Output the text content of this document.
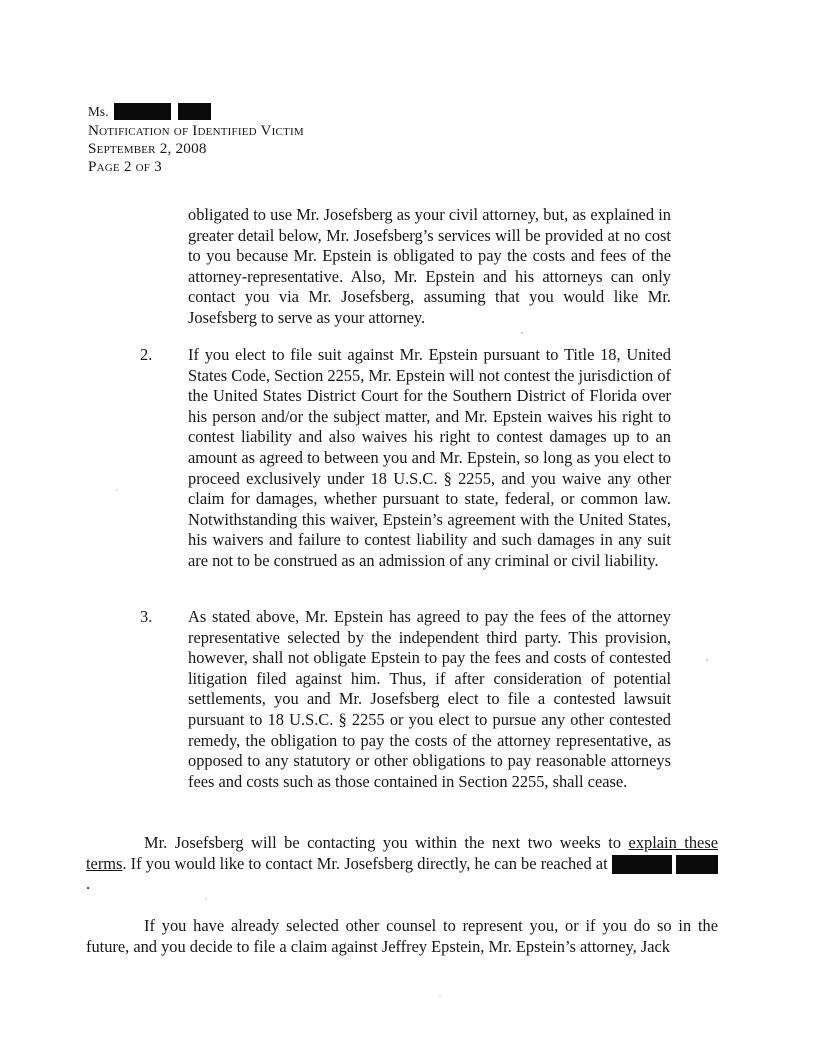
Ms.
Notification of Identified Victim
September 2, 2008
Page 2 of 3
obligated to use Mr. Josefsberg as your civil attorney, but, as explained in greater detail below, Mr. Josefsberg’s services will be provided at no cost to you because Mr. Epstein is obligated to pay the costs and fees of the attorney-representative. Also, Mr. Epstein and his attorneys can only contact you via Mr. Josefsberg, assuming that you would like Mr. Josefsberg to serve as your attorney.
2. If you elect to file suit against Mr. Epstein pursuant to Title 18, United States Code, Section 2255, Mr. Epstein will not contest the jurisdiction of the United States District Court for the Southern District of Florida over his person and/or the subject matter, and Mr. Epstein waives his right to contest liability and also waives his right to contest damages up to an amount as agreed to between you and Mr. Epstein, so long as you elect to proceed exclusively under 18 U.S.C. § 2255, and you waive any other claim for damages, whether pursuant to state, federal, or common law. Notwithstanding this waiver, Epstein’s agreement with the United States, his waivers and failure to contest liability and such damages in any suit are not to be construed as an admission of any criminal or civil liability.
3. As stated above, Mr. Epstein has agreed to pay the fees of the attorney representative selected by the independent third party. This provision, however, shall not obligate Epstein to pay the fees and costs of contested litigation filed against him. Thus, if after consideration of potential settlements, you and Mr. Josefsberg elect to file a contested lawsuit pursuant to 18 U.S.C. § 2255 or you elect to pursue any other contested remedy, the obligation to pay the costs of the attorney representative, as opposed to any statutory or other obligations to pay reasonable attorneys fees and costs such as those contained in Section 2255, shall cease.
Mr. Josefsberg will be contacting you within the next two weeks to explain these terms. If you would like to contact Mr. Josefsberg directly, he can be reached at  .
If you have already selected other counsel to represent you, or if you do so in the future, and you decide to file a claim against Jeffrey Epstein, Mr. Epstein’s attorney, Jack
